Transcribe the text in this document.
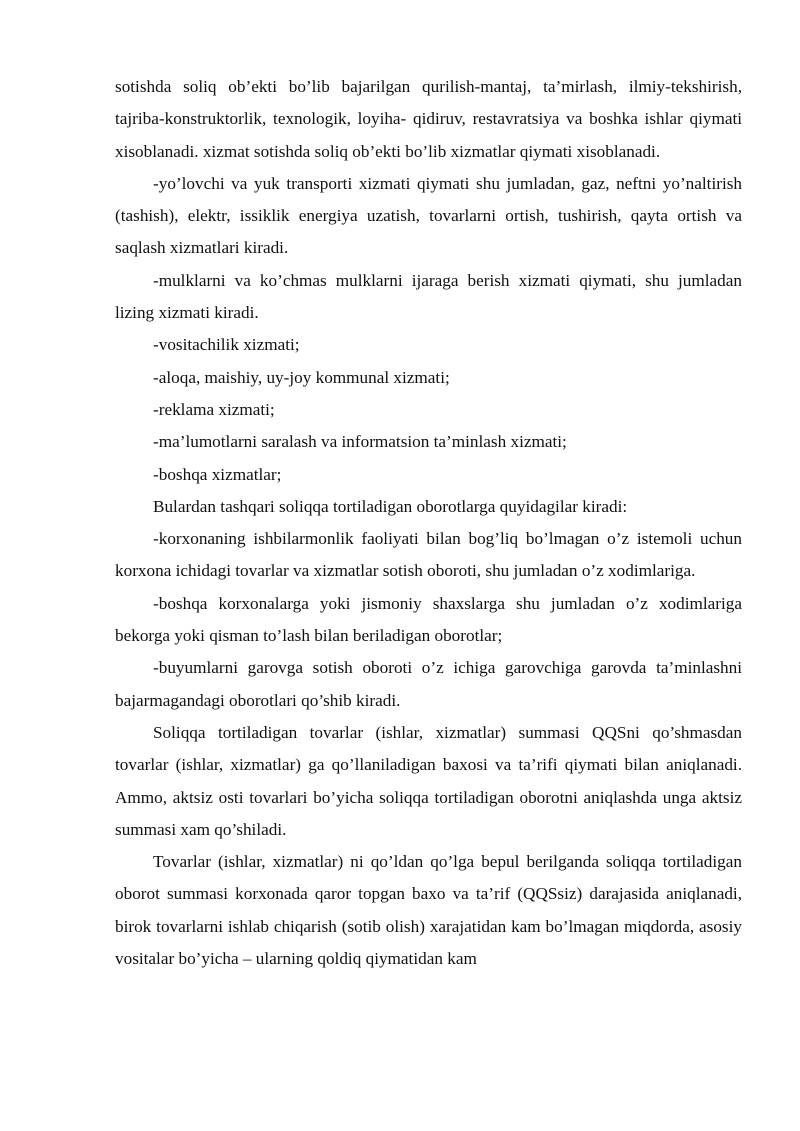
sotishda soliq ob’ekti bo’lib bajarilgan qurilish-mantaj, ta’mirlash, ilmiy-tekshirish, tajriba-konstruktorlik, texnologik, loyiha- qidiruv, restavratsiya va boshka ishlar qiymati xisoblanadi. xizmat sotishda soliq ob’ekti bo’lib xizmatlar qiymati xisoblanadi.

-yo’lovchi va yuk transporti xizmati qiymati shu jumladan, gaz, neftni yo’naltirish (tashish), elektr, issiklik energiya uzatish, tovarlarni ortish, tushirish, qayta ortish va saqlash xizmatlari kiradi.

-mulklarni va ko’chmas mulklarni ijaraga berish xizmati qiymati, shu jumladan lizing xizmati kiradi.

-vositachilik xizmati;

-aloqa, maishiy, uy-joy kommunal xizmati;

-reklama xizmati;

-ma’lumotlarni saralash va informatsion ta’minlash xizmati;

-boshqa xizmatlar;

Bulardan tashqari soliqqa tortiladigan oborotlarga quyidagilar kiradi:

-korxonaning ishbilarmonlik faoliyati bilan bog’liq bo’lmagan o’z istemoli uchun korxona ichidagi tovarlar va xizmatlar sotish oboroti, shu jumladan o’z xodimlariga.

-boshqa korxonalarga yoki jismoniy shaxslarga shu jumladan o’z xodimlariga bekorga yoki qisman to’lash bilan beriladigan oborotlar;

-buyumlarni garovga sotish oboroti o’z ichiga garovchiga garovda ta’minlashni bajarmagandagi oborotlari qo’shib kiradi.

Soliqqa tortiladigan tovarlar (ishlar, xizmatlar) summasi QQSni qo’shmasdan tovarlar (ishlar, xizmatlar) ga qo’llaniladigan baxosi va ta’rifi qiymati bilan aniqlanadi. Ammo, aktsiz osti tovarlari bo’yicha soliqqa tortiladigan oborotni aniqlashda unga aktsiz summasi xam qo’shiladi.

Tovarlar (ishlar, xizmatlar) ni qo’ldan qo’lga bepul berilganda soliqqa tortiladigan oborot summasi korxonada qaror topgan baxo va ta’rif (QQSsiz) darajasida aniqlanadi, birok tovarlarni ishlab chiqarish (sotib olish) xarajatidan kam bo’lmagan miqdorda, asosiy vositalar bo’yicha – ularning qoldiq qiymatidan kam
